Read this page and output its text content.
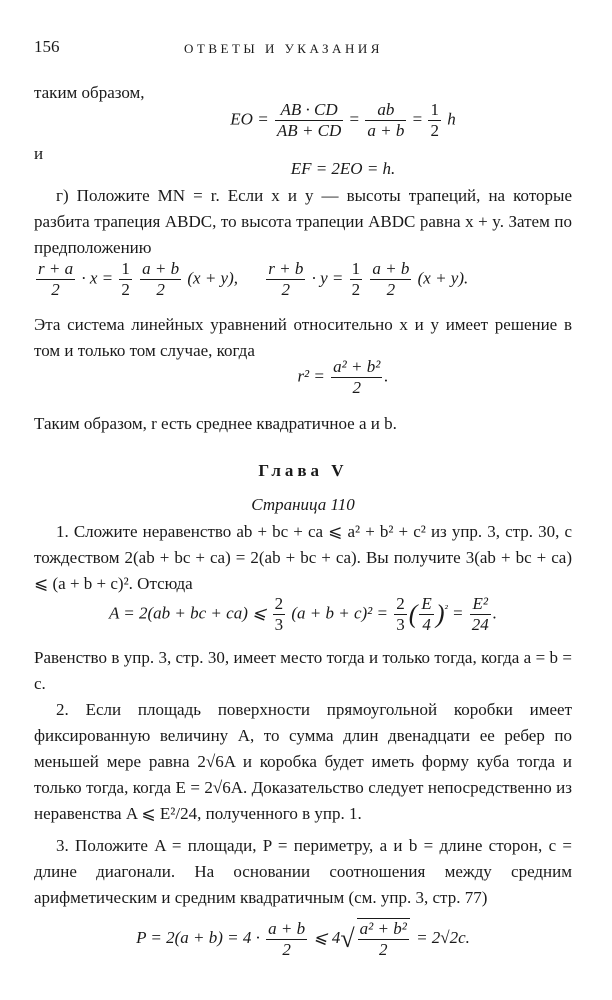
156	ОТВЕТЫ И УКАЗАНИЯ
таким образом,
EO = $\frac{AB \cdot CD}{AB + CD} = \frac{ab}{a + b} = \frac{1}{2}$ h
и
EF = 2EO = h.
г) Положите MN = r. Если x и y — высоты трапеций, на которые разбита трапеция ABDC, то высота трапеции ABDC равна x + y. Затем по предположению
$\frac{r + a}{2} \cdot x = \frac{1}{2}$
$\frac{a + b}{2} (x + y)$, $\frac{r + b}{2} \cdot y = \frac{1}{2}$
$\frac{a + b}{2} (x + y)$.
Эта система линейных уравнений относительно x и y имеет решение в том и только том случае, когда
$r^2 = \frac{\text{a² + b²}}{2}$ .
Таким образом, r есть среднее квадратичное a и b.
Глава V
Страница 110
1. Сложите неравенство ab + bc + ca ⩽ a² + b² + c² из упр. 3, стр. 30, с тождеством 2(ab + bc + ca) = 2(ab + bc + ca). Вы получите 3(ab + bc + ca) ⩽ (a + b + c)². Отсюда
A = 2(ab + bc + ca) ⩽ $\frac{2}{3} (a + b + c)^2 = \frac{2}{3}$ ( $\frac{E}{4} )^{^2} = \frac{\text{E²}}{24}$ .
Равенство в упр. 3, стр. 30, имеет место тогда и только тогда, когда a = b = c.
2. Если площадь поверхности прямоугольной коробки имеет фиксированную величину A, то сумма длин двенадцати ее ребер по меньшей мере равна 2√6A и коробка будет иметь форму куба тогда и только тогда, когда E = 2√6A. Доказательство следует непосредственно из неравенства A ⩽ E²/24, полученного в упр. 1.
3. Положите A = площади, P = периметру, a и b = длине сторон, c = длине диагонали. На основании соотношения между средним арифметическим и средним квадратичным (см. упр. 3, стр. 77)
$P = 2(a + b) = 4 \cdot \frac{a + b}{2}$ ⩽ $4√ \frac{\text{a² + b²}}{2} = 2√2c$.
